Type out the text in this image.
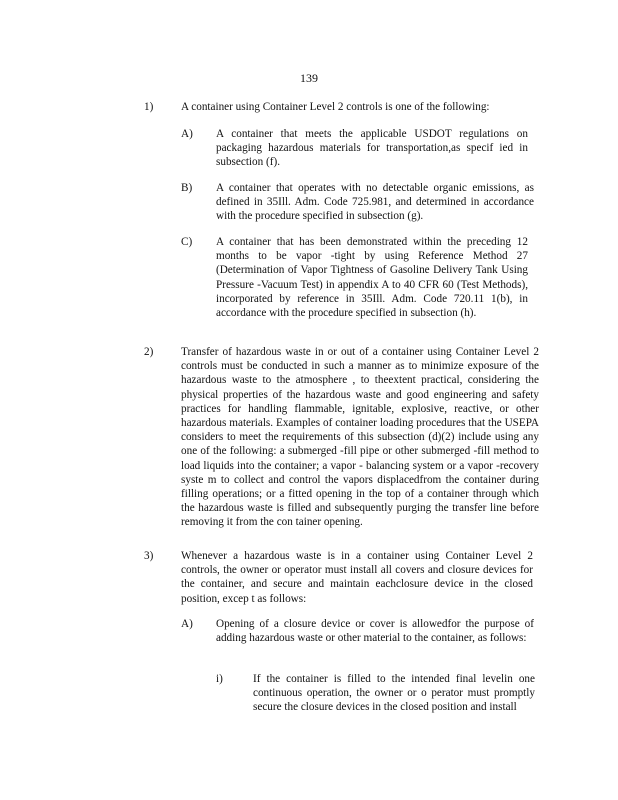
139
1) A container using Container Level 2 controls is one of the following:
A) A container that meets the applicable USDOT regulations on packaging hazardous materials for transportation,as specif ied in subsection (f).
B) A container that operates with no detectable organic emissions, as defined in 35Ill. Adm. Code 725.981, and determined in accordance with the procedure specified in subsection (g).
C) A container that has been demonstrated within the preceding 12 months to be vapor -tight by using Reference Method 27 (Determination of Vapor Tightness of Gasoline Delivery Tank Using Pressure -Vacuum Test) in appendix A to 40 CFR 60 (Test Methods), incorporated by reference in 35Ill. Adm. Code 720.11 1(b), in accordance with the procedure specified in subsection (h).
2) Transfer of hazardous waste in or out of a container using Container Level 2 controls must be conducted in such a manner as to minimize exposure of the hazardous waste to the atmosphere , to theextent practical, considering the physical properties of the hazardous waste and good engineering and safety practices for handling flammable, ignitable, explosive, reactive, or other hazardous materials. Examples of container loading procedures that the USEPA considers to meet the requirements of this subsection (d)(2) include using any one of the following: a submerged -fill pipe or other submerged -fill method to load liquids into the container; a vapor - balancing system or a vapor -recovery syste m to collect and control the vapors displacedfrom the container during filling operations; or a fitted opening in the top of a container through which the hazardous waste is filled and subsequently purging the transfer line before removing it from the con tainer opening.
3) Whenever a hazardous waste is in a container using Container Level 2 controls, the owner or operator must install all covers and closure devices for the container, and secure and maintain eachclosure device in the closed position, excep t as follows:
A) Opening of a closure device or cover is allowedfor the purpose of adding hazardous waste or other material to the container, as follows:
i)	If the container is filled to the intended final levelin one continuous operation, the owner or o perator must promptly secure the closure devices in the closed position and install
